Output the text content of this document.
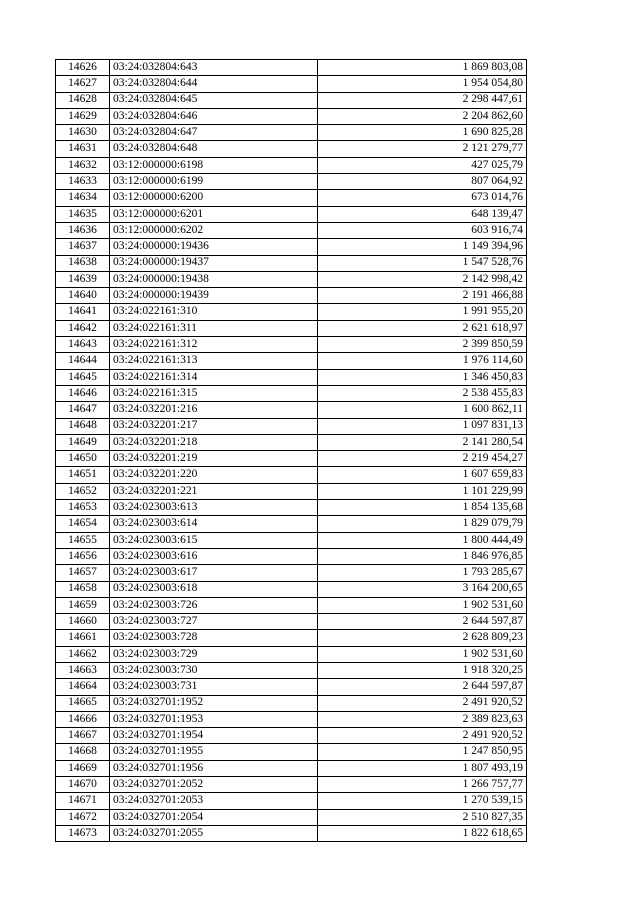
14626	03:24:032804:643	1 869 803,08
14627	03:24:032804:644	1 954 054,80
14628	03:24:032804:645	2 298 447,61
14629	03:24:032804:646	2 204 862,60
14630	03:24:032804:647	1 690 825,28
14631	03:24:032804:648	2 121 279,77
14632	03:12:000000:6198	427 025,79
14633	03:12:000000:6199	807 064,92
14634	03:12:000000:6200	673 014,76
14635	03:12:000000:6201	648 139,47
14636	03:12:000000:6202	603 916,74
14637	03:24:000000:19436	1 149 394,96
14638	03:24:000000:19437	1 547 528,76
14639	03:24:000000:19438	2 142 998,42
14640	03:24:000000:19439	2 191 466,88
14641	03:24:022161:310	1 991 955,20
14642	03:24:022161:311	2 621 618,97
14643	03:24:022161:312	2 399 850,59
14644	03:24:022161:313	1 976 114,60
14645	03:24:022161:314	1 346 450,83
14646	03:24:022161:315	2 538 455,83
14647	03:24:032201:216	1 600 862,11
14648	03:24:032201:217	1 097 831,13
14649	03:24:032201:218	2 141 280,54
14650	03:24:032201:219	2 219 454,27
14651	03:24:032201:220	1 607 659,83
14652	03:24:032201:221	1 101 229,99
14653	03:24:023003:613	1 854 135,68
14654	03:24:023003:614	1 829 079,79
14655	03:24:023003:615	1 800 444,49
14656	03:24:023003:616	1 846 976,85
14657	03:24:023003:617	1 793 285,67
14658	03:24:023003:618	3 164 200,65
14659	03:24:023003:726	1 902 531,60
14660	03:24:023003:727	2 644 597,87
14661	03:24:023003:728	2 628 809,23
14662	03:24:023003:729	1 902 531,60
14663	03:24:023003:730	1 918 320,25
14664	03:24:023003:731	2 644 597,87
14665	03:24:032701:1952	2 491 920,52
14666	03:24:032701:1953	2 389 823,63
14667	03:24:032701:1954	2 491 920,52
14668	03:24:032701:1955	1 247 850,95
14669	03:24:032701:1956	1 807 493,19
14670	03:24:032701:2052	1 266 757,77
14671	03:24:032701:2053	1 270 539,15
14672	03:24:032701:2054	2 510 827,35
14673	03:24:032701:2055	1 822 618,65
